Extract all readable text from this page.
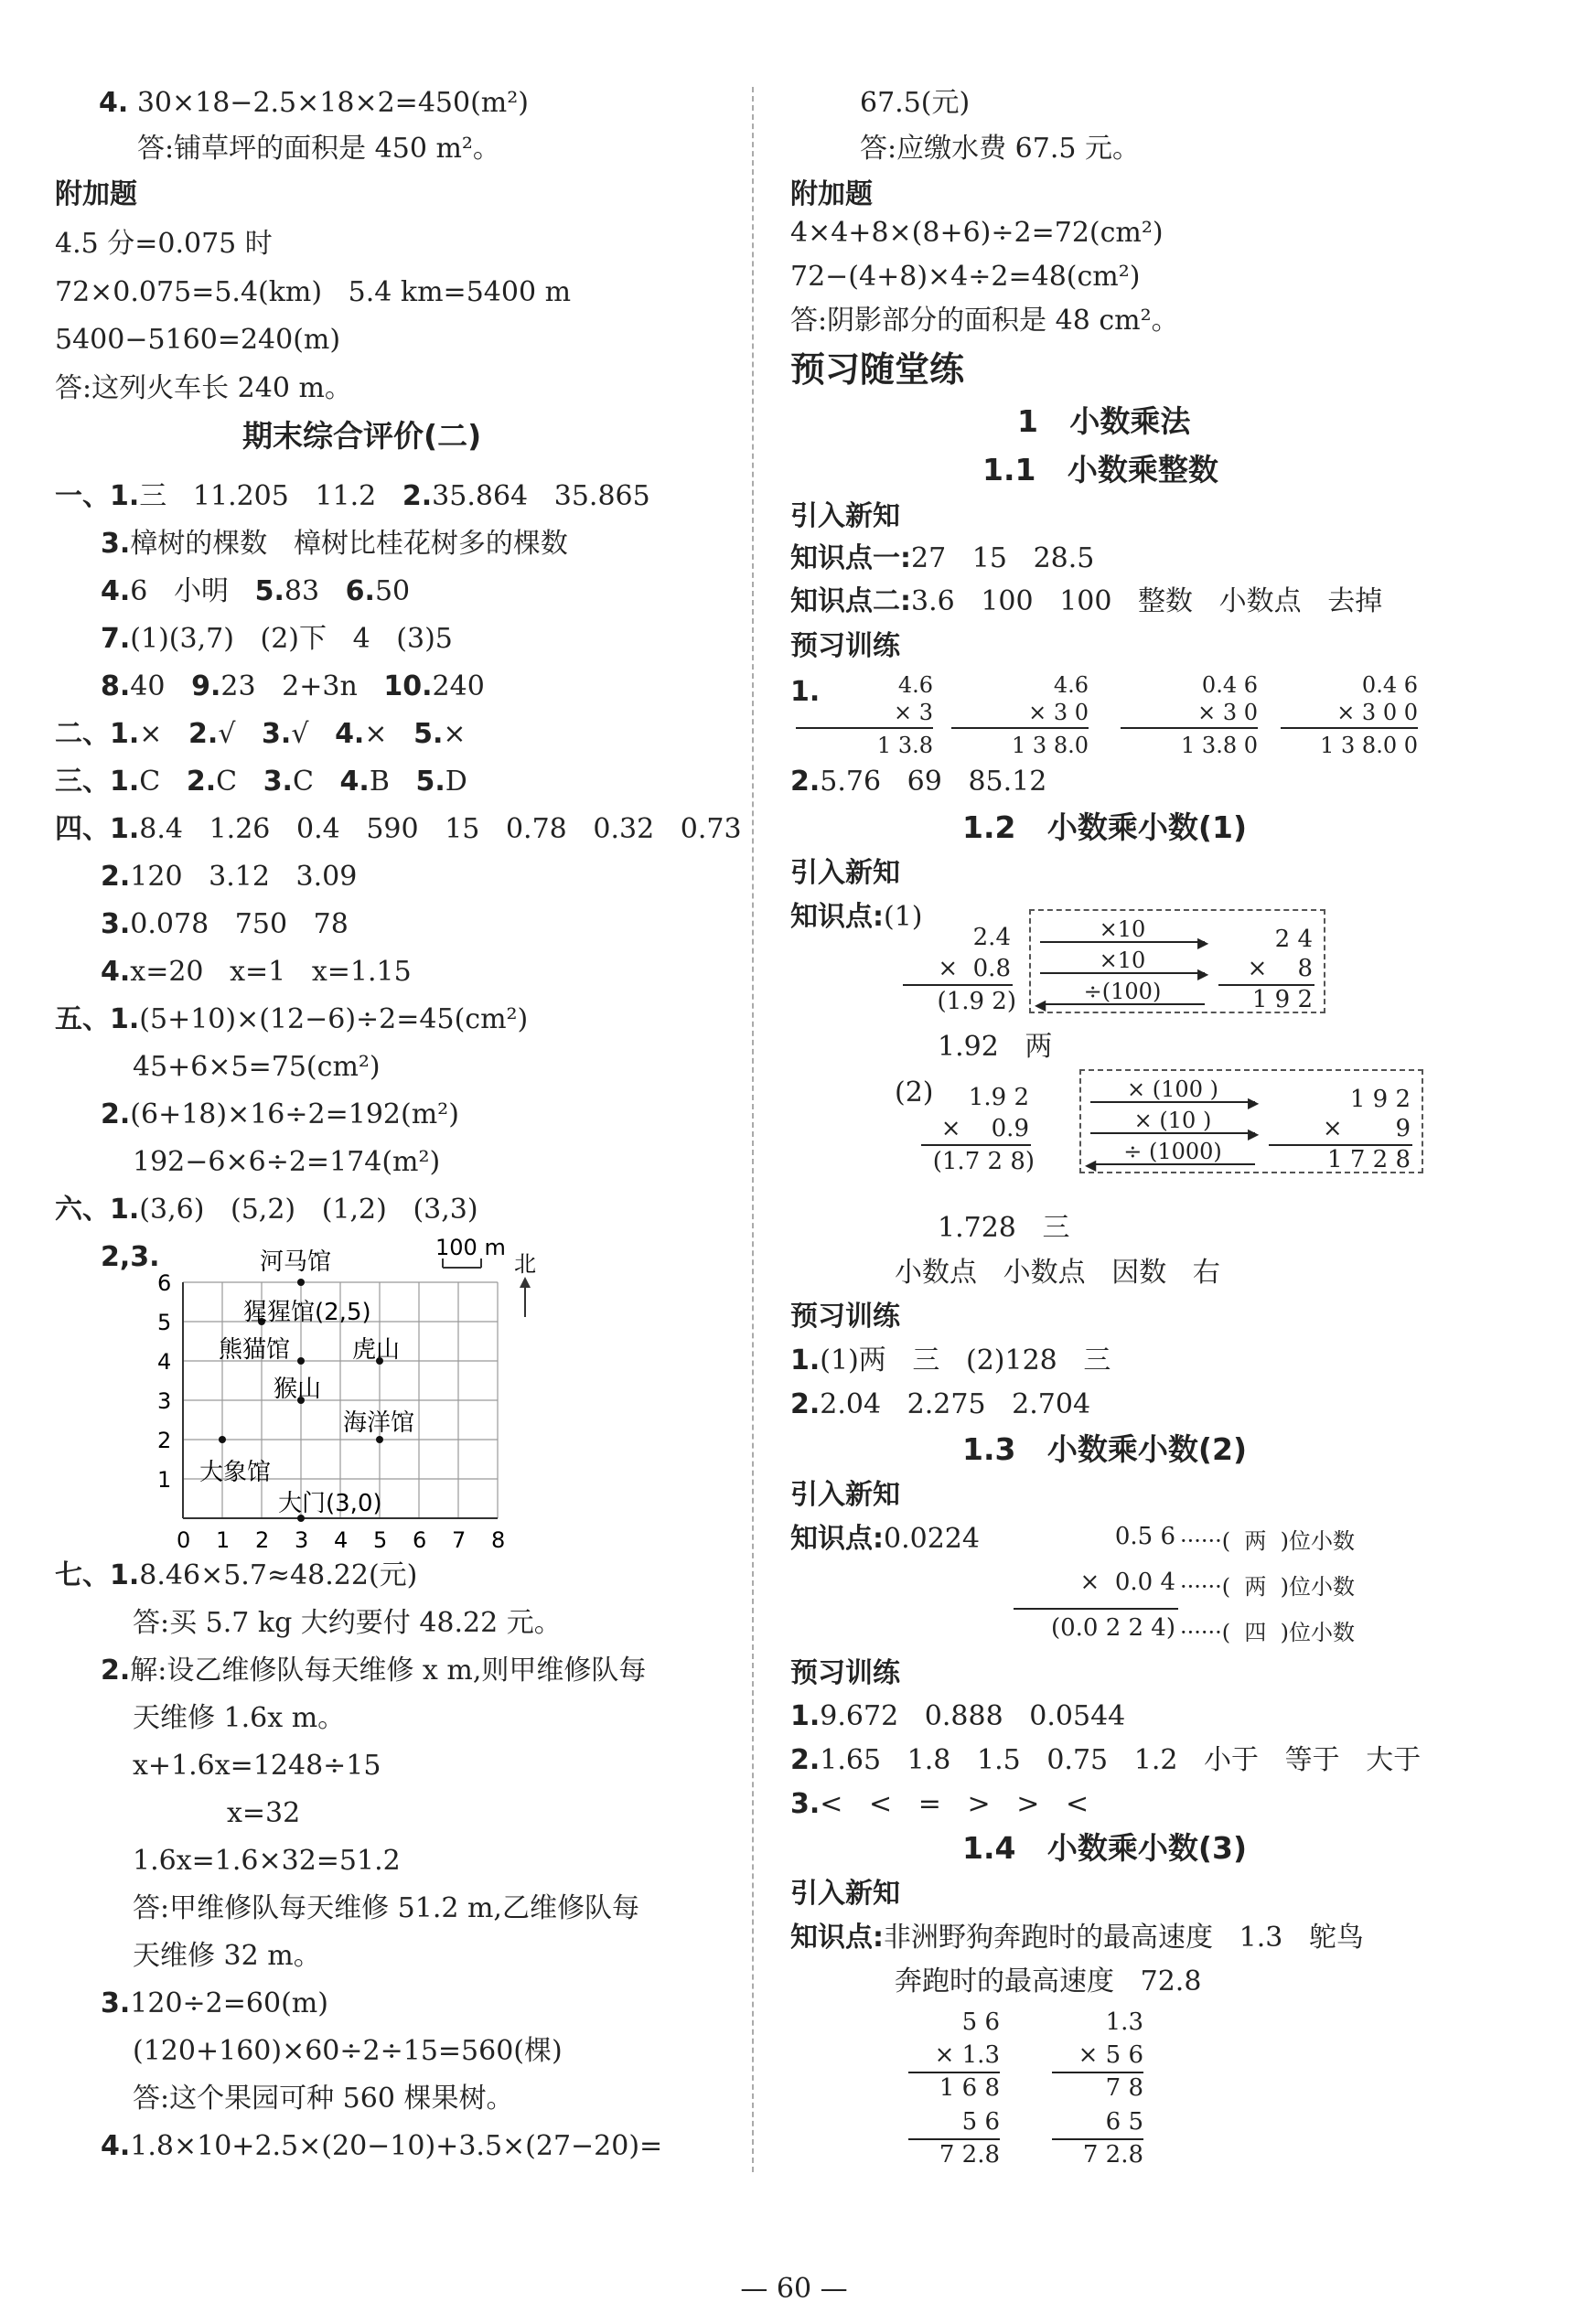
4. 30×18−2.5×18×2=450(m²)
答:铺草坪的面积是 450 m²。
附加题
4.5 分=0.075 时
72×0.075=5.4(km)   5.4 km=5400 m
5400−5160=240(m)
答:这列火车长 240 m。
期末综合评价(二)
一、1.三   11.205   11.2   2.35.864   35.865
3.樟树的棵数   樟树比桂花树多的棵数
4.6   小明   5.83   6.50
7.(1)(3,7)   (2)下   4   (3)5
8.40   9.23   2+3n   10.240
二、1.×   2.√   3.√   4.×   5.×
三、1.C   2.C   3.C   4.B   5.D
四、1.8.4   1.26   0.4   590   15   0.78   0.32   0.73
2.120   3.12   3.09
3.0.078   750   78
4.x=20   x=1   x=1.15
五、1.(5+10)×(12−6)÷2=45(cm²)
45+6×5=75(cm²)
2.(6+18)×16÷2=192(m²)
192−6×6÷2=174(m²)
六、1.(3,6)   (5,2)   (1,2)   (3,3)
2,3.
0 1 2 3 4 5 6 7 8
1
2
3
4
5
6
100 m
北
河马馆
猩猩馆(2,5)
熊猫馆	虎山
猴山
海洋馆
大象馆
大门(3,0)
七、1.8.46×5.7≈48.22(元)
答:买 5.7 kg 大约要付 48.22 元。
2.解:设乙维修队每天维修 x m,则甲维修队每
天维修 1.6x m。
x+1.6x=1248÷15
x=32
1.6x=1.6×32=51.2
答:甲维修队每天维修 51.2 m,乙维修队每
天维修 32 m。
3.120÷2=60(m)
(120+160)×60÷2÷15=560(棵)
答:这个果园可种 560 棵果树。
4.1.8×10+2.5×(20−10)+3.5×(27−20)=
67.5(元)
答:应缴水费 67.5 元。
附加题
4×4+8×(8+6)÷2=72(cm²)
72−(4+8)×4÷2=48(cm²)
答:阴影部分的面积是 48 cm²。
预习随堂练
1   小数乘法
1.1   小数乘整数
引入新知
知识点一:27   15   28.5
知识点二:3.6   100   100   整数   小数点   去掉
预习训练
1.	4.6
× 3
1 3.8
4.6
× 3 0
1 3 8.0
0.4 6
× 3 0
1 3.8 0
0.4 6
× 3 0 0
1 3 8.0 0
2.5.76   69   85.12
1.2   小数乘小数(1)
引入新知
知识点:(1)
2.4
×  0.8
(1.9 2)
×10
▶
×10
▶
÷(100)
◀
2 4
×    8
1 9 2
1.92   两
(2)	1.9 2
×    0.9
(1.7 2 8)
× (100 )
▶
× (10 )
▶
÷ (1000)
◀
1 9 2
×       9
1 7 2 8
1.728   三
小数点   小数点   因数   右
预习训练
1.(1)两   三   (2)128   三
2.2.04   2.275   2.704
1.3   小数乘小数(2)
引入新知
知识点:0.0224	0.5 6 ······(  两  )位小数
×  0.0 4 ······(  两  )位小数
(0.0 2 2 4) ······(  四  )位小数
预习训练
1.9.672   0.888   0.0544
2.1.65   1.8   1.5   0.75   1.2   小于   等于   大于
3.<   <   =   >   >   <
1.4   小数乘小数(3)
引入新知
知识点:非洲野狗奔跑时的最高速度   1.3   鸵鸟
奔跑时的最高速度   72.8
5 6
× 1.3
1 6 8
5 6
7 2.8
1.3
× 5 6
7 8
6 5
7 2.8
— 60 —
